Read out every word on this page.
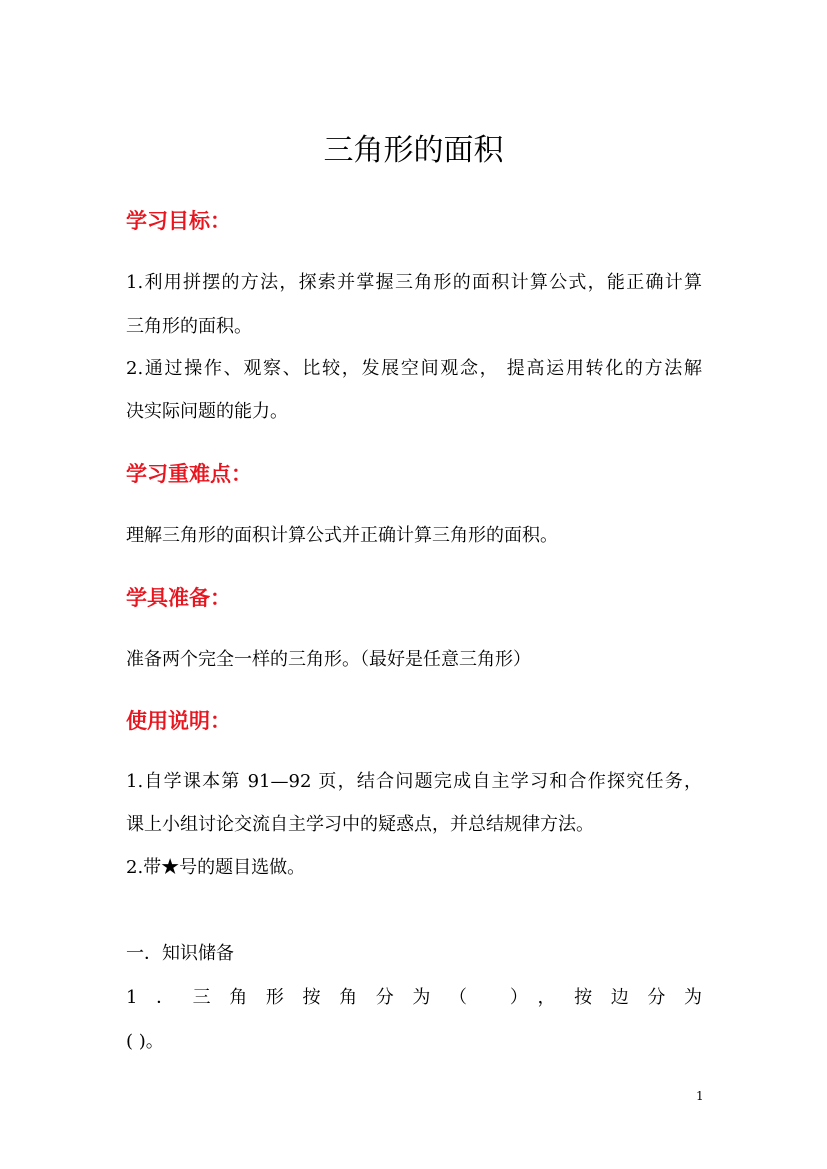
三角形的面积
学习目标：
1.利用拼摆的方法，探索并掌握三角形的面积计算公式，能正确计算
三角形的面积。
2.通过操作、观察、比较，发展空间观念， 提高运用转化的方法解
决实际问题的能力。
学习重难点：
理解三角形的面积计算公式并正确计算三角形的面积。
学具准备：
准备两个完全一样的三角形。（最好是任意三角形）
使用说明：
1.自学课本第 91—92 页，结合问题完成自主学习和合作探究任务，
课上小组讨论交流自主学习中的疑惑点，并总结规律方法。
2.带★号的题目选做。
一．知识储备
1．三角形按角分为（ ），按边分为
( )。
1
